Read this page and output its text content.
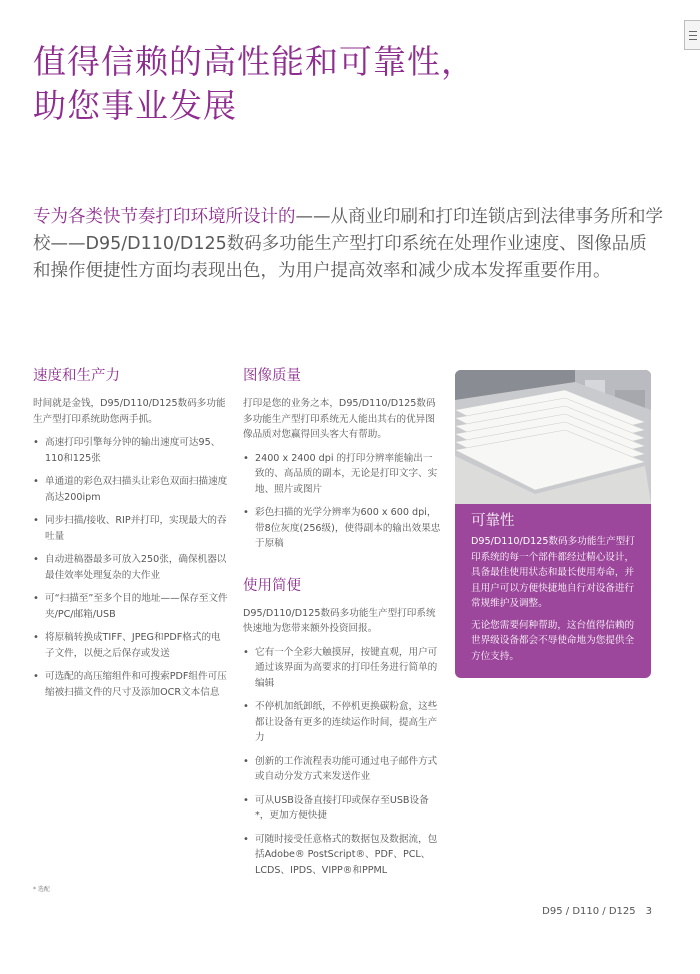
值得信赖的高性能和可靠性，
助您事业发展

专为各类快节奏打印环境所设计的——从商业印刷和打印连锁店到法律事务所和学校——D95/D110/D125数码多功能生产型打印系统在处理作业速度、图像品质和操作便捷性方面均表现出色，为用户提高效率和减少成本发挥重要作用。

速度和生产力

时间就是金钱，D95/D110/D125数码多功能生产型打印系统助您两手抓。

• 高速打印引擎每分钟的输出速度可达95、110和125张
• 单通道的彩色双扫描头让彩色双面扫描速度高达200ipm
• 同步扫描/接收、RIP并打印，实现最大的吞吐量
• 自动进稿器最多可放入250张，确保机器以最佳效率处理复杂的大作业
• 可“扫描至”至多个目的地址——保存至文件夹/PC/邮箱/USB
• 将原稿转换成TIFF、JPEG和PDF格式的电子文件，以便之后保存或发送
• 可选配的高压缩组件和可搜索PDF组件可压缩被扫描文件的尺寸及添加OCR文本信息
图像质量

打印是您的业务之本，D95/D110/D125数码多功能生产型打印系统无人能出其右的优异图像品质对您赢得回头客大有帮助。

• 2400 x 2400 dpi 的打印分辨率能输出一致的、高品质的副本，无论是打印文字、实地、照片或图片
• 彩色扫描的光学分辨率为600 x 600 dpi，带8位灰度(256级)，使得副本的输出效果忠于原稿
使用简便

D95/D110/D125数码多功能生产型打印系统快速地为您带来额外投资回报。

• 它有一个全彩大触摸屏，按键直观，用户可通过该界面为高要求的打印任务进行简单的编辑
• 不停机加纸卸纸，不停机更换碳粉盒，这些都让设备有更多的连续运作时间，提高生产力
• 创新的工作流程表功能可通过电子邮件方式或自动分发方式来发送作业
• 可从USB设备直接打印或保存至USB设备*，更加方便快捷
• 可随时接受任意格式的数据包及数据流，包括Adobe® PostScript®、PDF、PCL、LCDS、IPDS、VIPP®和PPML
可靠性

D95/D110/D125数码多功能生产型打印系统的每一个部件都经过精心设计，具备最佳使用状态和最长使用寿命，并且用户可以方便快捷地自行对设备进行常规维护及调整。

无论您需要何种帮助，这台值得信赖的世界级设备都会不辱使命地为您提供全方位支持。

* 选配
D95 / D110 / D125 3
